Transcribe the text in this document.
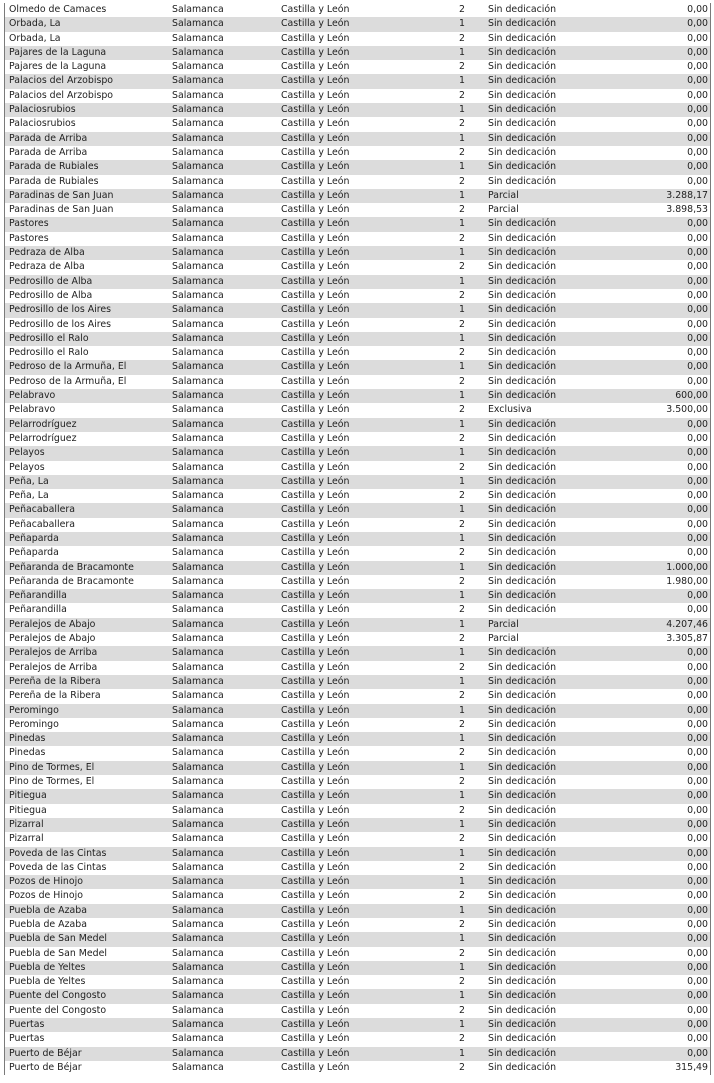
Olmedo de Camaces	Salamanca	Castilla y León	2	Sin dedicación	0,00
Orbada, La	Salamanca	Castilla y León	1	Sin dedicación	0,00
Orbada, La	Salamanca	Castilla y León	2	Sin dedicación	0,00
Pajares de la Laguna	Salamanca	Castilla y León	1	Sin dedicación	0,00
Pajares de la Laguna	Salamanca	Castilla y León	2	Sin dedicación	0,00
Palacios del Arzobispo	Salamanca	Castilla y León	1	Sin dedicación	0,00
Palacios del Arzobispo	Salamanca	Castilla y León	2	Sin dedicación	0,00
Palaciosrubios	Salamanca	Castilla y León	1	Sin dedicación	0,00
Palaciosrubios	Salamanca	Castilla y León	2	Sin dedicación	0,00
Parada de Arriba	Salamanca	Castilla y León	1	Sin dedicación	0,00
Parada de Arriba	Salamanca	Castilla y León	2	Sin dedicación	0,00
Parada de Rubiales	Salamanca	Castilla y León	1	Sin dedicación	0,00
Parada de Rubiales	Salamanca	Castilla y León	2	Sin dedicación	0,00
Paradinas de San Juan	Salamanca	Castilla y León	1	Parcial	3.288,17
Paradinas de San Juan	Salamanca	Castilla y León	2	Parcial	3.898,53
Pastores	Salamanca	Castilla y León	1	Sin dedicación	0,00
Pastores	Salamanca	Castilla y León	2	Sin dedicación	0,00
Pedraza de Alba	Salamanca	Castilla y León	1	Sin dedicación	0,00
Pedraza de Alba	Salamanca	Castilla y León	2	Sin dedicación	0,00
Pedrosillo de Alba	Salamanca	Castilla y León	1	Sin dedicación	0,00
Pedrosillo de Alba	Salamanca	Castilla y León	2	Sin dedicación	0,00
Pedrosillo de los Aires	Salamanca	Castilla y León	1	Sin dedicación	0,00
Pedrosillo de los Aires	Salamanca	Castilla y León	2	Sin dedicación	0,00
Pedrosillo el Ralo	Salamanca	Castilla y León	1	Sin dedicación	0,00
Pedrosillo el Ralo	Salamanca	Castilla y León	2	Sin dedicación	0,00
Pedroso de la Armuña, El	Salamanca	Castilla y León	1	Sin dedicación	0,00
Pedroso de la Armuña, El	Salamanca	Castilla y León	2	Sin dedicación	0,00
Pelabravo	Salamanca	Castilla y León	1	Sin dedicación	600,00
Pelabravo	Salamanca	Castilla y León	2	Exclusiva	3.500,00
Pelarrodríguez	Salamanca	Castilla y León	1	Sin dedicación	0,00
Pelarrodríguez	Salamanca	Castilla y León	2	Sin dedicación	0,00
Pelayos	Salamanca	Castilla y León	1	Sin dedicación	0,00
Pelayos	Salamanca	Castilla y León	2	Sin dedicación	0,00
Peña, La	Salamanca	Castilla y León	1	Sin dedicación	0,00
Peña, La	Salamanca	Castilla y León	2	Sin dedicación	0,00
Peñacaballera	Salamanca	Castilla y León	1	Sin dedicación	0,00
Peñacaballera	Salamanca	Castilla y León	2	Sin dedicación	0,00
Peñaparda	Salamanca	Castilla y León	1	Sin dedicación	0,00
Peñaparda	Salamanca	Castilla y León	2	Sin dedicación	0,00
Peñaranda de Bracamonte	Salamanca	Castilla y León	1	Sin dedicación	1.000,00
Peñaranda de Bracamonte	Salamanca	Castilla y León	2	Sin dedicación	1.980,00
Peñarandilla	Salamanca	Castilla y León	1	Sin dedicación	0,00
Peñarandilla	Salamanca	Castilla y León	2	Sin dedicación	0,00
Peralejos de Abajo	Salamanca	Castilla y León	1	Parcial	4.207,46
Peralejos de Abajo	Salamanca	Castilla y León	2	Parcial	3.305,87
Peralejos de Arriba	Salamanca	Castilla y León	1	Sin dedicación	0,00
Peralejos de Arriba	Salamanca	Castilla y León	2	Sin dedicación	0,00
Pereña de la Ribera	Salamanca	Castilla y León	1	Sin dedicación	0,00
Pereña de la Ribera	Salamanca	Castilla y León	2	Sin dedicación	0,00
Peromingo	Salamanca	Castilla y León	1	Sin dedicación	0,00
Peromingo	Salamanca	Castilla y León	2	Sin dedicación	0,00
Pinedas	Salamanca	Castilla y León	1	Sin dedicación	0,00
Pinedas	Salamanca	Castilla y León	2	Sin dedicación	0,00
Pino de Tormes, El	Salamanca	Castilla y León	1	Sin dedicación	0,00
Pino de Tormes, El	Salamanca	Castilla y León	2	Sin dedicación	0,00
Pitiegua	Salamanca	Castilla y León	1	Sin dedicación	0,00
Pitiegua	Salamanca	Castilla y León	2	Sin dedicación	0,00
Pizarral	Salamanca	Castilla y León	1	Sin dedicación	0,00
Pizarral	Salamanca	Castilla y León	2	Sin dedicación	0,00
Poveda de las Cintas	Salamanca	Castilla y León	1	Sin dedicación	0,00
Poveda de las Cintas	Salamanca	Castilla y León	2	Sin dedicación	0,00
Pozos de Hinojo	Salamanca	Castilla y León	1	Sin dedicación	0,00
Pozos de Hinojo	Salamanca	Castilla y León	2	Sin dedicación	0,00
Puebla de Azaba	Salamanca	Castilla y León	1	Sin dedicación	0,00
Puebla de Azaba	Salamanca	Castilla y León	2	Sin dedicación	0,00
Puebla de San Medel	Salamanca	Castilla y León	1	Sin dedicación	0,00
Puebla de San Medel	Salamanca	Castilla y León	2	Sin dedicación	0,00
Puebla de Yeltes	Salamanca	Castilla y León	1	Sin dedicación	0,00
Puebla de Yeltes	Salamanca	Castilla y León	2	Sin dedicación	0,00
Puente del Congosto	Salamanca	Castilla y León	1	Sin dedicación	0,00
Puente del Congosto	Salamanca	Castilla y León	2	Sin dedicación	0,00
Puertas	Salamanca	Castilla y León	1	Sin dedicación	0,00
Puertas	Salamanca	Castilla y León	2	Sin dedicación	0,00
Puerto de Béjar	Salamanca	Castilla y León	1	Sin dedicación	0,00
Puerto de Béjar	Salamanca	Castilla y León	2	Sin dedicación	315,49
